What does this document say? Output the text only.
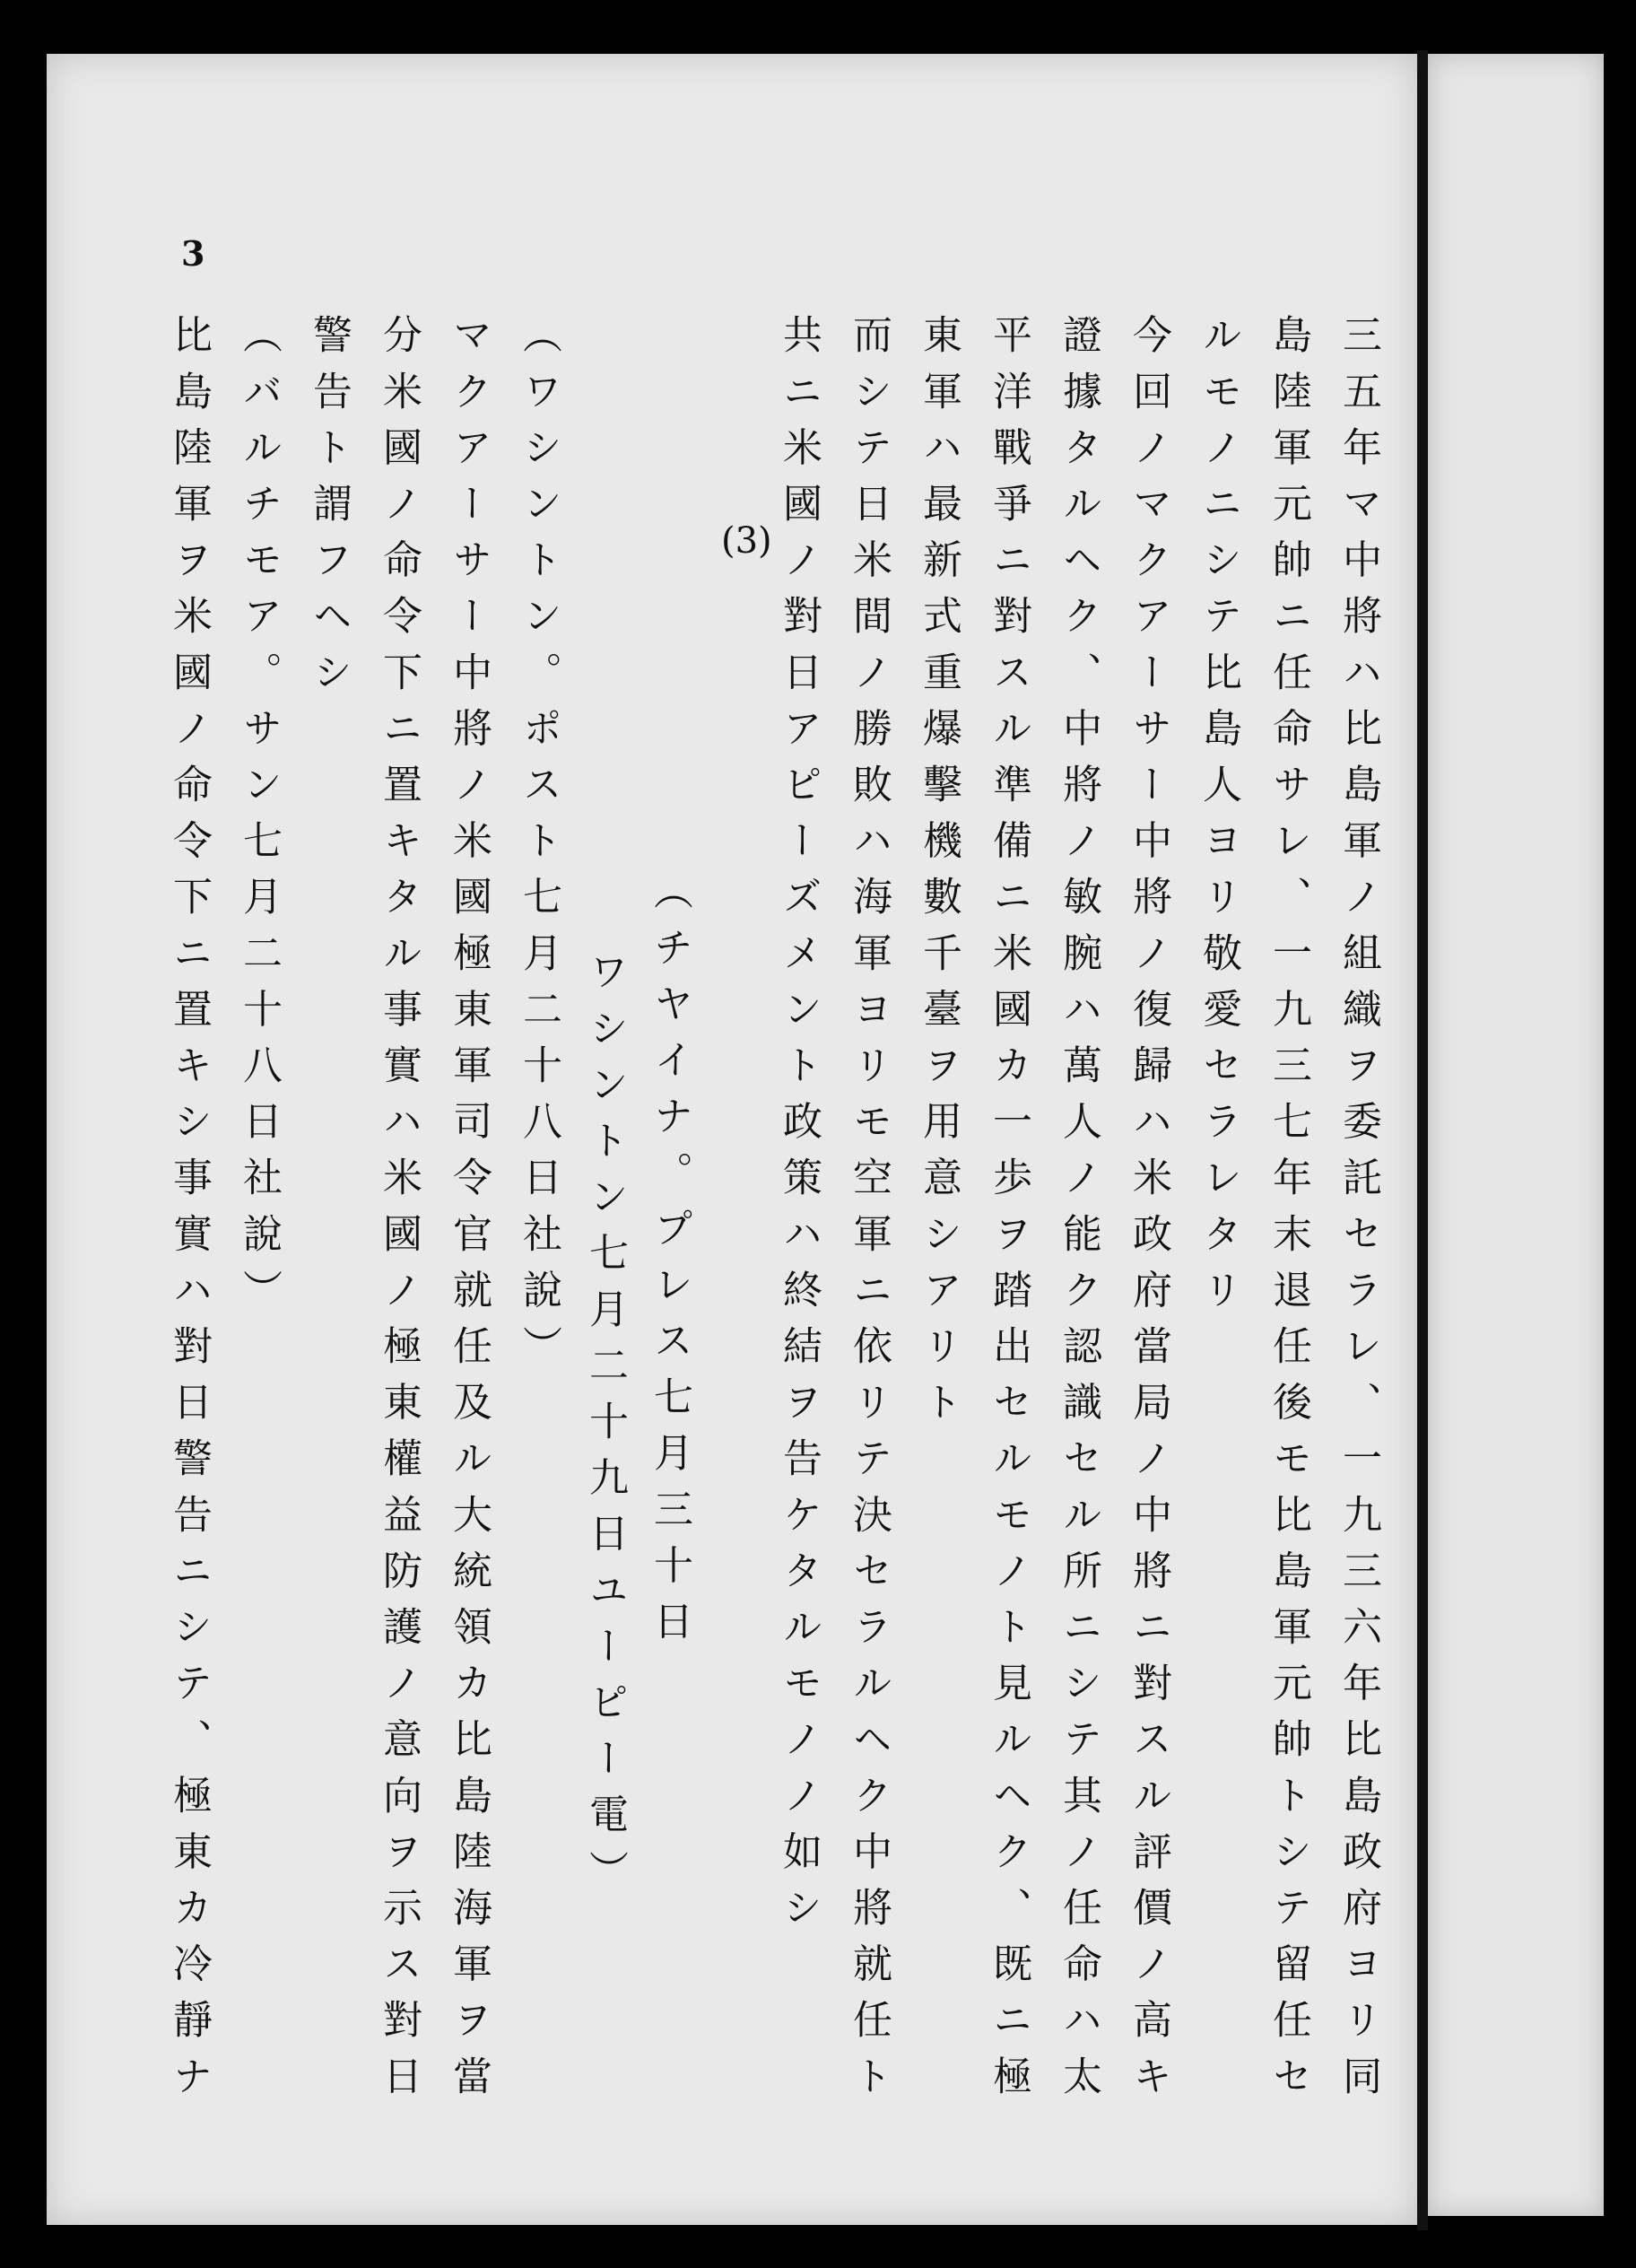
3
(3)	三五年マ中將ハ比島軍ノ組織ヲ委託セラレ、一九三六年比島政府ヨリ同
島陸軍元帥ニ任命サレ、一九三七年末退任後モ比島軍元帥トシテ留任セ
ルモノニシテ比島人ヨリ敬愛セラレタリ
今回ノマクアーサー中將ノ復歸ハ米政府當局ノ中將ニ對スル評價ノ高キ
證據タルヘク、中將ノ敏腕ハ萬人ノ能ク認識セル所ニシテ其ノ任命ハ太
平洋戰爭ニ對スル準備ニ米國カ一歩ヲ踏出セルモノト見ルヘク、既ニ極
東軍ハ最新式重爆擊機數千臺ヲ用意シアリト
而シテ日米間ノ勝敗ハ海軍ヨリモ空軍ニ依リテ決セラルヘク中將就任ト
共ニ米國ノ對日アピーズメント政策ハ終結ヲ告ケタルモノノ如シ
（チヤイナ。プレス七月三十日
ワシントン七月二十九日ユーピー電）
（ワシントン。ポスト七月二十八日社說）
マクアーサー中將ノ米國極東軍司令官就任及ル大統領カ比島陸海軍ヲ當
分米國ノ命令下ニ置キタル事實ハ米國ノ極東權益防護ノ意向ヲ示ス對日
警告ト謂フヘシ
（バルチモア。サン七月二十八日社說）
比島陸軍ヲ米國ノ命令下ニ置キシ事實ハ對日警告ニシテ、極東カ冷靜ナ
